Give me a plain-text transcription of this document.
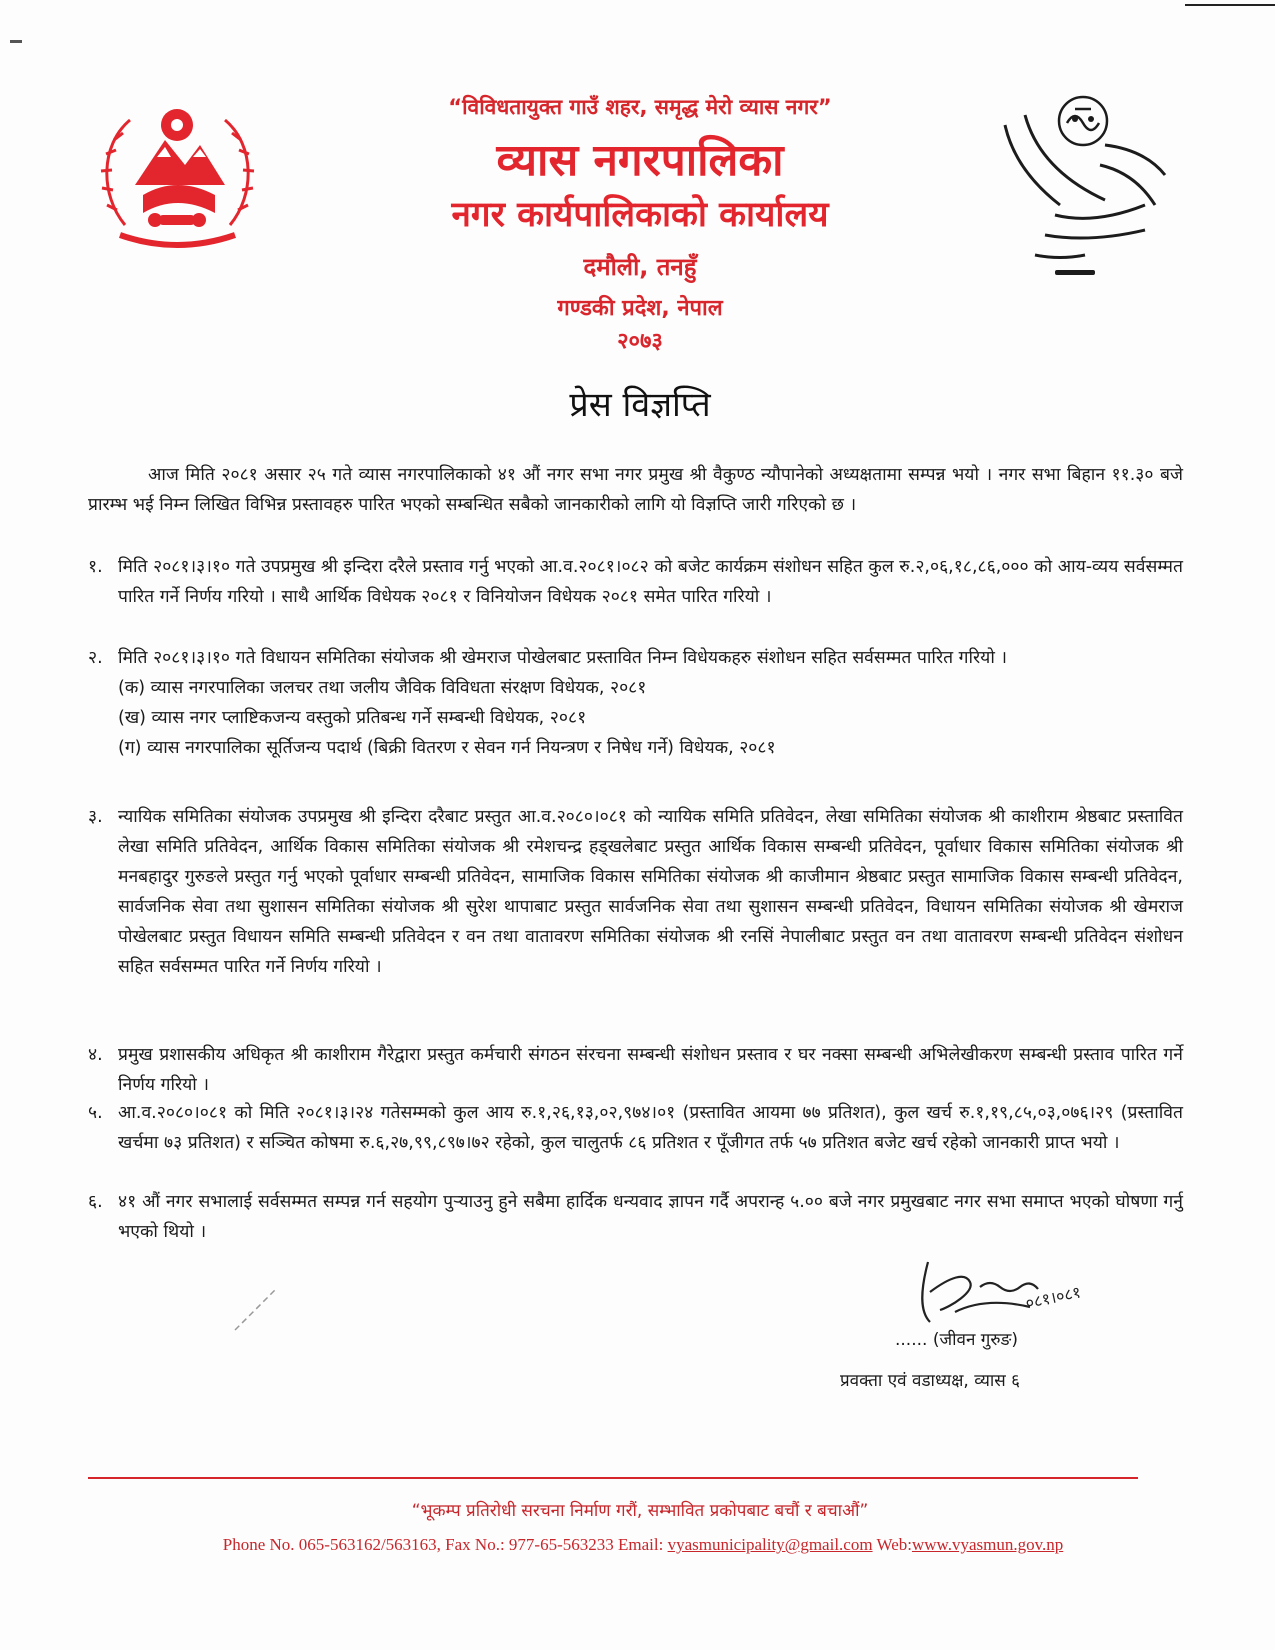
“विविधतायुक्त गाउँ शहर, समृद्ध मेरो व्यास नगर”
व्यास नगरपालिका
नगर कार्यपालिकाको कार्यालय
दमौली, तनहुँ
गण्डकी प्रदेश, नेपाल
२०७३
प्रेस विज्ञप्ति
आज मिति २०८१ असार २५ गते व्यास नगरपालिकाको ४१ औं नगर सभा नगर प्रमुख श्री वैकुण्ठ न्यौपानेको अध्यक्षतामा सम्पन्न भयो । नगर सभा बिहान ११.३० बजे प्रारम्भ भई निम्न लिखित विभिन्न प्रस्तावहरु पारित भएको सम्बन्धित सबैको जानकारीको लागि यो विज्ञप्ति जारी गरिएको छ ।
१. मिति २०८१।३।१० गते उपप्रमुख श्री इन्दिरा दरैले प्रस्ताव गर्नु भएको आ.व.२०८१।०८२ को बजेट कार्यक्रम संशोधन सहित कुल रु.२,०६,१८,८६,००० को आय-व्यय सर्वसम्मत पारित गर्ने निर्णय गरियो । साथै आर्थिक विधेयक २०८१ र विनियोजन विधेयक २०८१ समेत पारित गरियो ।
२. मिति २०८१।३।१० गते विधायन समितिका संयोजक श्री खेमराज पोखेलबाट प्रस्तावित निम्न विधेयकहरु संशोधन सहित सर्वसम्मत पारित गरियो ।
(क) व्यास नगरपालिका जलचर तथा जलीय जैविक विविधता संरक्षण विधेयक, २०८१
(ख) व्यास नगर प्लाष्टिकजन्य वस्तुको प्रतिबन्ध गर्ने सम्बन्धी विधेयक, २०८१
(ग) व्यास नगरपालिका सूर्तिजन्य पदार्थ (बिक्री वितरण र सेवन गर्न नियन्त्रण र निषेध गर्ने) विधेयक, २०८१
३. न्यायिक समितिका संयोजक उपप्रमुख श्री इन्दिरा दरैबाट प्रस्तुत आ.व.२०८०।०८१ को न्यायिक समिति प्रतिवेदन, लेखा समितिका संयोजक श्री काशीराम श्रेष्ठबाट प्रस्तावित लेखा समिति प्रतिवेदन, आर्थिक विकास समितिका संयोजक श्री रमेशचन्द्र हड्खलेबाट प्रस्तुत आर्थिक विकास सम्बन्धी प्रतिवेदन, पूर्वाधार विकास समितिका संयोजक श्री मनबहादुर गुरुङले प्रस्तुत गर्नु भएको पूर्वाधार सम्बन्धी प्रतिवेदन, सामाजिक विकास समितिका संयोजक श्री काजीमान श्रेष्ठबाट प्रस्तुत सामाजिक विकास सम्बन्धी प्रतिवेदन, सार्वजनिक सेवा तथा सुशासन समितिका संयोजक श्री सुरेश थापाबाट प्रस्तुत सार्वजनिक सेवा तथा सुशासन सम्बन्धी प्रतिवेदन, विधायन समितिका संयोजक श्री खेमराज पोखेलबाट प्रस्तुत विधायन समिति सम्बन्धी प्रतिवेदन र वन तथा वातावरण समितिका संयोजक श्री रनसिं नेपालीबाट प्रस्तुत वन तथा वातावरण सम्बन्धी प्रतिवेदन संशोधन सहित सर्वसम्मत पारित गर्ने निर्णय गरियो ।
४. प्रमुख प्रशासकीय अधिकृत श्री काशीराम गैरेद्वारा प्रस्तुत कर्मचारी संगठन संरचना सम्बन्धी संशोधन प्रस्ताव र घर नक्सा सम्बन्धी अभिलेखीकरण सम्बन्धी प्रस्ताव पारित गर्ने निर्णय गरियो ।
५. आ.व.२०८०।०८१ को मिति २०८१।३।२४ गतेसम्मको कुल आय रु.१,२६,१३,०२,९७४।०१ (प्रस्तावित आयमा ७७ प्रतिशत), कुल खर्च रु.१,१९,८५,०३,०७६।२९ (प्रस्तावित खर्चमा ७३ प्रतिशत) र सञ्चित कोषमा रु.६,२७,९९,८९७।७२ रहेको, कुल चालुतर्फ ८६ प्रतिशत र पूँजीगत तर्फ ५७ प्रतिशत बजेट खर्च रहेको जानकारी प्राप्त भयो ।
६. ४१ औं नगर सभालाई सर्वसम्मत सम्पन्न गर्न सहयोग पुऱ्याउनु हुने सबैमा हार्दिक धन्यवाद ज्ञापन गर्दै अपरान्ह ५.०० बजे नगर प्रमुखबाट नगर सभा समाप्त भएको घोषणा गर्नु भएको थियो ।
०८१।०८१
...... (जीवन गुरुङ)
प्रवक्ता एवं वडाध्यक्ष, व्यास ६
“भूकम्प प्रतिरोधी सरचना निर्माण गरौं, सम्भावित प्रकोपबाट बचौं र बचाऔं”
Phone No. 065-563162/563163, Fax No.: 977-65-563233 Email: vyasmunicipality@gmail.com Web:www.vyasmun.gov.np
